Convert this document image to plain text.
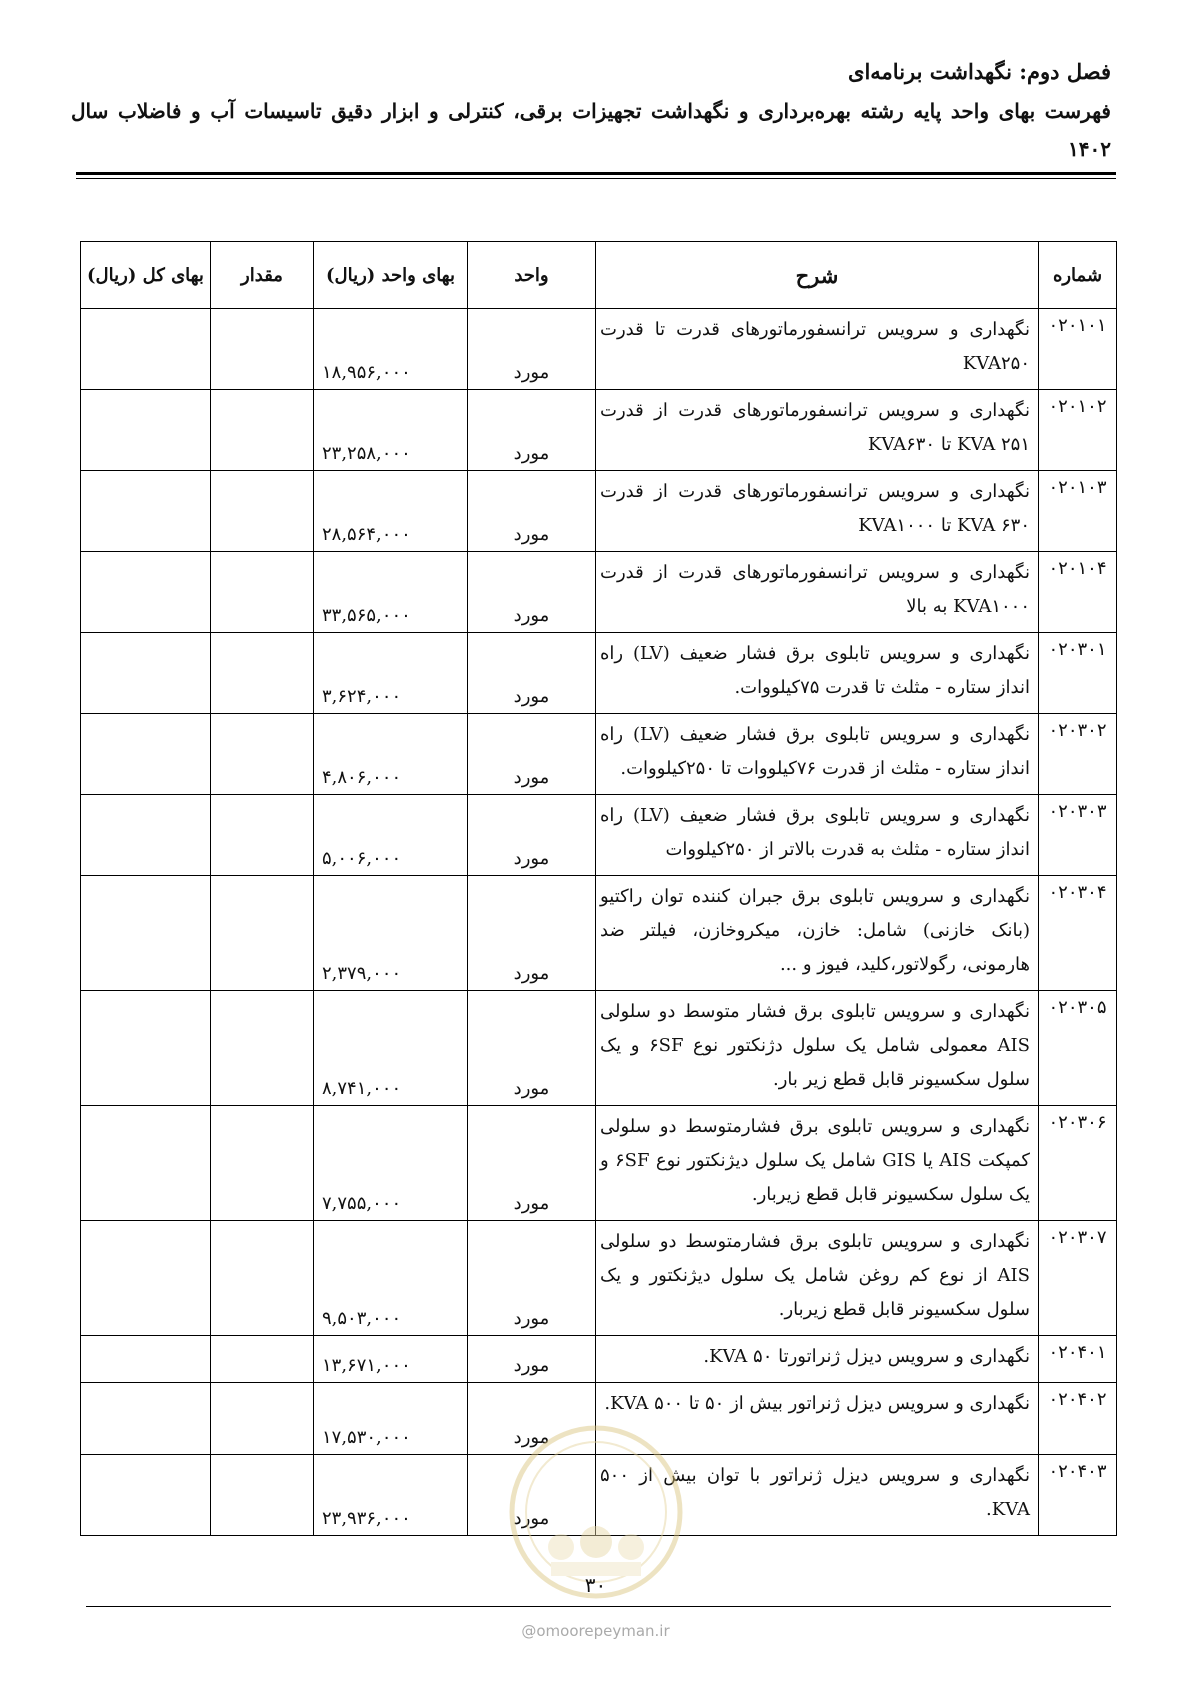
فصل دوم: نگهداشت برنامه‌ای

فهرست بهای واحد پایه رشته بهره‌برداری و نگهداشت تجهیزات برقی، کنترلی و ابزار دقیق تاسیسات آب و فاضلاب سال ۱۴۰۲

شماره	شرح	واحد	بهای واحد (ریال)	مقدار	بهای کل (ریال)
۰۲۰۱۰۱	نگهداری و سرویس ترانسفورماتورهای قدرت تا قدرت KVA۲۵۰	مورد	۱۸,۹۵۶,۰۰۰		
۰۲۰۱۰۲	نگهداری و سرویس ترانسفورماتورهای قدرت از قدرت KVA ۲۵۱ تا KVA۶۳۰	مورد	۲۳,۲۵۸,۰۰۰		
۰۲۰۱۰۳	نگهداری و سرویس ترانسفورماتورهای قدرت از قدرت KVA ۶۳۰ تا KVA۱۰۰۰	مورد	۲۸,۵۶۴,۰۰۰		
۰۲۰۱۰۴	نگهداری و سرویس ترانسفورماتورهای قدرت از قدرت KVA۱۰۰۰ به بالا	مورد	۳۳,۵۶۵,۰۰۰		
۰۲۰۳۰۱	نگهداری و سرویس تابلوی برق فشار ضعیف (LV) راه انداز ستاره - مثلث تا قدرت ۷۵کیلووات.	مورد	۳,۶۲۴,۰۰۰		
۰۲۰۳۰۲	نگهداری و سرویس تابلوی برق فشار ضعیف (LV) راه انداز ستاره - مثلث از قدرت ۷۶کیلووات تا ۲۵۰کیلووات.	مورد	۴,۸۰۶,۰۰۰		
۰۲۰۳۰۳	نگهداری و سرویس تابلوی برق فشار ضعیف (LV) راه انداز ستاره - مثلث به قدرت بالاتر از ۲۵۰کیلووات	مورد	۵,۰۰۶,۰۰۰		
۰۲۰۳۰۴	نگهداری و سرویس تابلوی برق جبران کننده توان راکتیو (بانک خازنی) شامل: خازن، میکروخازن، فیلتر ضد هارمونی، رگولاتور،کلید، فیوز و ...	مورد	۲,۳۷۹,۰۰۰		
۰۲۰۳۰۵	نگهداری و سرویس تابلوی برق فشار متوسط دو سلولی AIS معمولی شامل یک سلول دژنکتور نوع ۶SF و یک سلول سکسیونر قابل قطع زیر بار.	مورد	۸,۷۴۱,۰۰۰		
۰۲۰۳۰۶	نگهداری و سرویس تابلوی برق فشارمتوسط دو سلولی کمپکت AIS یا GIS شامل یک سلول دیژنکتور نوع ۶SF و یک سلول سکسیونر قابل قطع زیربار.	مورد	۷,۷۵۵,۰۰۰		
۰۲۰۳۰۷	نگهداری و سرویس تابلوی برق فشارمتوسط دو سلولی AIS از نوع کم روغن شامل یک سلول دیژنکتور و یک سلول سکسیونر قابل قطع زیربار.	مورد	۹,۵۰۳,۰۰۰		
۰۲۰۴۰۱	نگهداری و سرویس دیزل ژنراتورتا ۵۰ KVA.	مورد	۱۳,۶۷۱,۰۰۰		
۰۲۰۴۰۲	نگهداری و سرویس دیزل ژنراتور بیش از ۵۰ تا ۵۰۰ KVA.	مورد	۱۷,۵۳۰,۰۰۰		
۰۲۰۴۰۳	نگهداری و سرویس دیزل ژنراتور با توان بیش از ۵۰۰ KVA.	مورد	۲۳,۹۳۶,۰۰۰		
۳۰
@omoorepeyman.ir
